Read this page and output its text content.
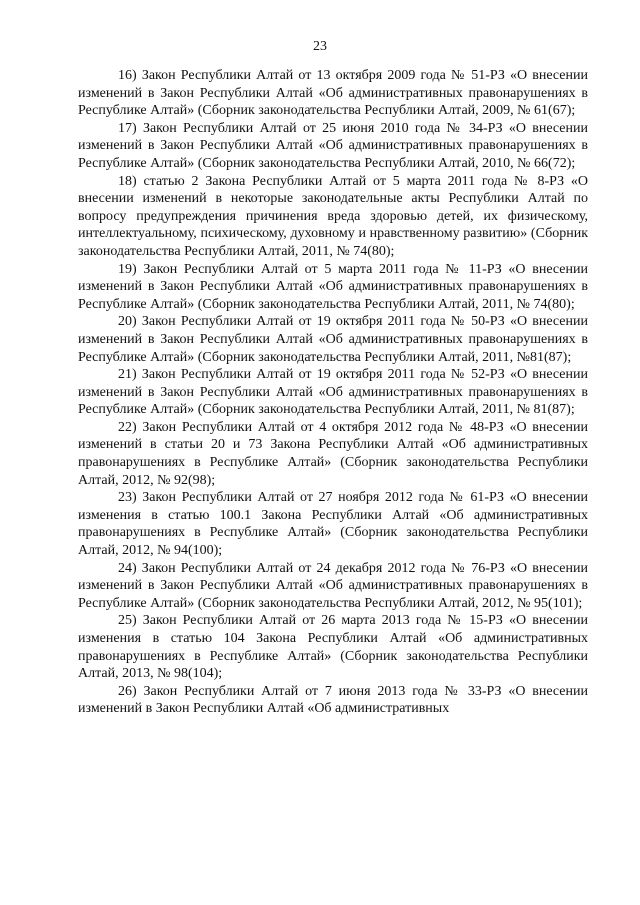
23

16) Закон Республики Алтай от 13 октября 2009 года № 51-РЗ «О внесении изменений в Закон Республики Алтай «Об административных правонарушениях в Республике Алтай» (Сборник законодательства Республики Алтай, 2009, № 61(67);

17) Закон Республики Алтай от 25 июня 2010 года № 34-РЗ «О внесении изменений в Закон Республики Алтай «Об административных правонарушениях в Республике Алтай» (Сборник законодательства Республики Алтай, 2010, № 66(72);

18) статью 2 Закона Республики Алтай от 5 марта 2011 года № 8-РЗ «О внесении изменений в некоторые законодательные акты Республики Алтай по вопросу предупреждения причинения вреда здоровью детей, их физическому, интеллектуальному, психическому, духовному и нравственному развитию» (Сборник законодательства Республики Алтай, 2011, № 74(80);

19) Закон Республики Алтай от 5 марта 2011 года № 11-РЗ «О внесении изменений в Закон Республики Алтай «Об административных правонарушениях в Республике Алтай» (Сборник законодательства Республики Алтай, 2011, № 74(80);

20) Закон Республики Алтай от 19 октября 2011 года № 50-РЗ «О внесении изменений в Закон Республики Алтай «Об административных правонарушениях в Республике Алтай» (Сборник законодательства Республики Алтай, 2011, №81(87);

21) Закон Республики Алтай от 19 октября 2011 года № 52-РЗ «О внесении изменений в Закон Республики Алтай «Об административных правонарушениях в Республике Алтай» (Сборник законодательства Республики Алтай, 2011, № 81(87);

22) Закон Республики Алтай от 4 октября 2012 года № 48-РЗ «О внесении изменений в статьи 20 и 73 Закона Республики Алтай «Об административных правонарушениях в Республике Алтай» (Сборник законодательства Республики Алтай, 2012, № 92(98);

23) Закон Республики Алтай от 27 ноября 2012 года № 61-РЗ «О внесении изменения в статью 100.1 Закона Республики Алтай «Об административных правонарушениях в Республике Алтай» (Сборник законодательства Республики Алтай, 2012, № 94(100);

24) Закон Республики Алтай от 24 декабря 2012 года № 76-РЗ «О внесении изменений в Закон Республики Алтай «Об административных правонарушениях в Республике Алтай» (Сборник законодательства Республики Алтай, 2012, № 95(101);

25) Закон Республики Алтай от 26 марта 2013 года № 15-РЗ «О внесении изменения в статью 104 Закона Республики Алтай «Об административных правонарушениях в Республике Алтай» (Сборник законодательства Республики Алтай, 2013, № 98(104);

26) Закон Республики Алтай от 7 июня 2013 года № 33-РЗ «О внесении изменений в Закон Республики Алтай «Об административных
